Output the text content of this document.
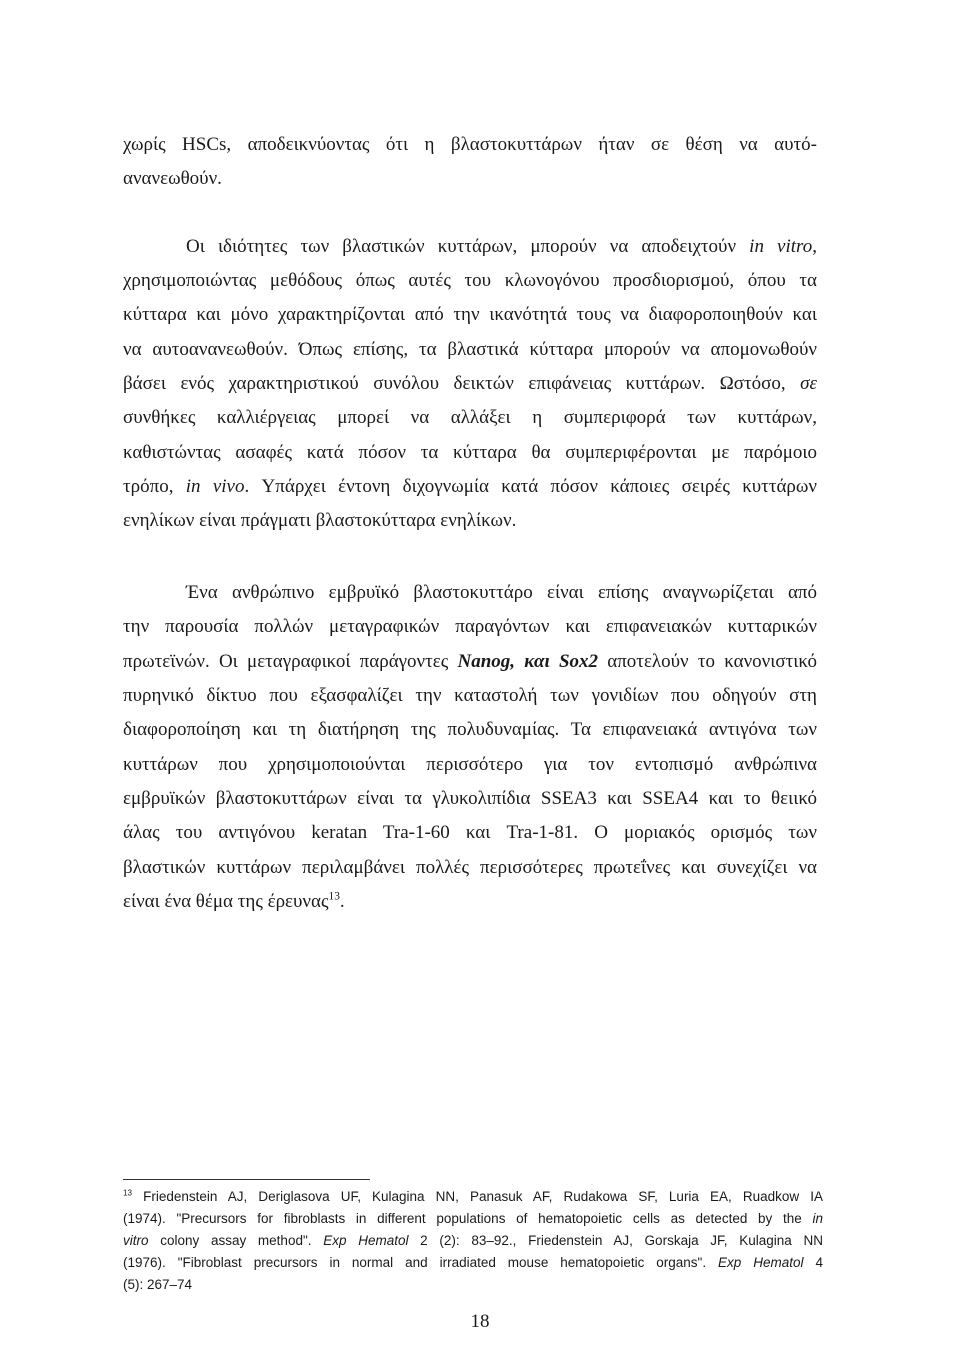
χωρίς HSCs, αποδεικνύοντας ότι η βλαστοκυττάρων ήταν σε θέση να αυτό-
ανανεωθούν.
Οι ιδιότητες των βλαστικών κυττάρων, μπορούν να αποδειχτούν in vitro,
χρησιμοποιώντας μεθόδους όπως αυτές του κλωνογόνου προσδιορισμού, όπου τα
κύτταρα και μόνο χαρακτηρίζονται από την ικανότητά τους να διαφοροποιηθούν και
να αυτοανανεωθούν. Όπως επίσης, τα βλαστικά κύτταρα μπορούν να απομονωθούν
βάσει ενός χαρακτηριστικού συνόλου δεικτών επιφάνειας κυττάρων. Ωστόσο, σε
συνθήκες καλλιέργειας μπορεί να αλλάξει η συμπεριφορά των κυττάρων,
καθιστώντας ασαφές κατά πόσον τα κύτταρα θα συμπεριφέρονται με παρόμοιο
τρόπο, in vivo. Υπάρχει έντονη διχογνωμία κατά πόσον κάποιες σειρές κυττάρων
ενηλίκων είναι πράγματι βλαστοκύτταρα ενηλίκων.
Ένα ανθρώπινο εμβρυϊκό βλαστοκυττάρο είναι επίσης αναγνωρίζεται από
την παρουσία πολλών μεταγραφικών παραγόντων και επιφανειακών κυτταρικών
πρωτεϊνών. Οι μεταγραφικοί παράγοντες Nanog, και Sox2 αποτελούν το κανονιστικό
πυρηνικό δίκτυο που εξασφαλίζει την καταστολή των γονιδίων που οδηγούν στη
διαφοροποίηση και τη διατήρηση της πολυδυναμίας. Τα επιφανειακά αντιγόνα των
κυττάρων που χρησιμοποιούνται περισσότερο για τον εντοπισμό ανθρώπινα
εμβρυϊκών βλαστοκυττάρων είναι τα γλυκολιπίδια SSEA3 και SSEA4 και το θειικό
άλας του αντιγόνου keratan Tra-1-60 και Tra-1-81. Ο μοριακός ορισμός των
βλαστικών κυττάρων περιλαμβάνει πολλές περισσότερες πρωτεΐνες και συνεχίζει να
είναι ένα θέμα της έρευνας$^{13}$.
$^{13}$ Friedenstein AJ, Deriglasova UF, Kulagina NN, Panasuk AF, Rudakowa SF, Luria EA, Ruadkow IA
(1974). "Precursors for fibroblasts in different populations of hematopoietic cells as detected by the in
vitro colony assay method". Exp Hematol 2 (2): 83–92., Friedenstein AJ, Gorskaja JF, Kulagina NN
(1976). "Fibroblast precursors in normal and irradiated mouse hematopoietic organs". Exp Hematol 4
(5): 267–74
18
